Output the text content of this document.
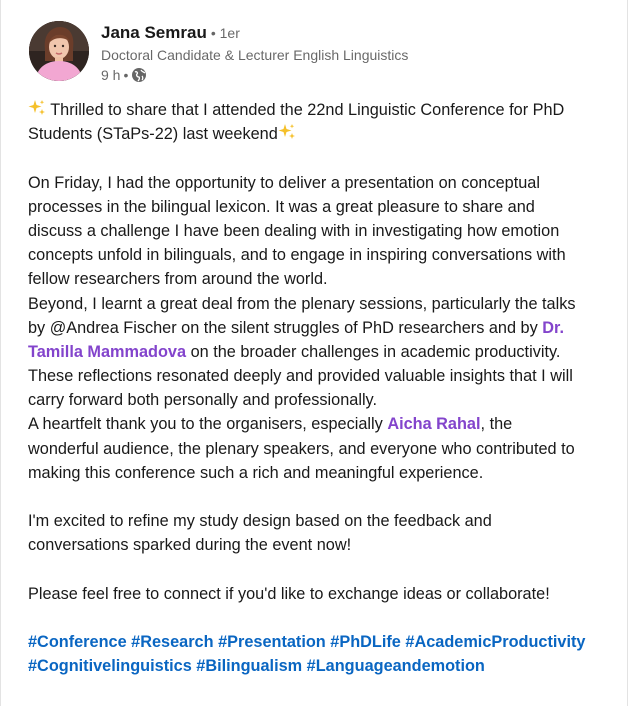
Jana Semrau • 1er
Doctoral Candidate & Lecturer English Linguistics
9 h •
Thrilled to share that I attended the 22nd Linguistic Conference for PhD
Students (STaPs-22) last weekend
On Friday, I had the opportunity to deliver a presentation on conceptual
processes in the bilingual lexicon. It was a great pleasure to share and
discuss a challenge I have been dealing with in investigating how emotion
concepts unfold in bilinguals, and to engage in inspiring conversations with
fellow researchers from around the world.
Beyond, I learnt a great deal from the plenary sessions, particularly the talks
by @Andrea Fischer on the silent struggles of PhD researchers and by Dr.
Tamilla Mammadova on the broader challenges in academic productivity.
These reflections resonated deeply and provided valuable insights that I will
carry forward both personally and professionally.
A heartfelt thank you to the organisers, especially Aicha Rahal, the
wonderful audience, the plenary speakers, and everyone who contributed to
making this conference such a rich and meaningful experience.
I'm excited to refine my study design based on the feedback and
conversations sparked during the event now!
Please feel free to connect if you'd like to exchange ideas or collaborate!
#Conference #Research #Presentation #PhDLife #AcademicProductivity
#Cognitivelinguistics #Bilingualism #Languageandemotion
